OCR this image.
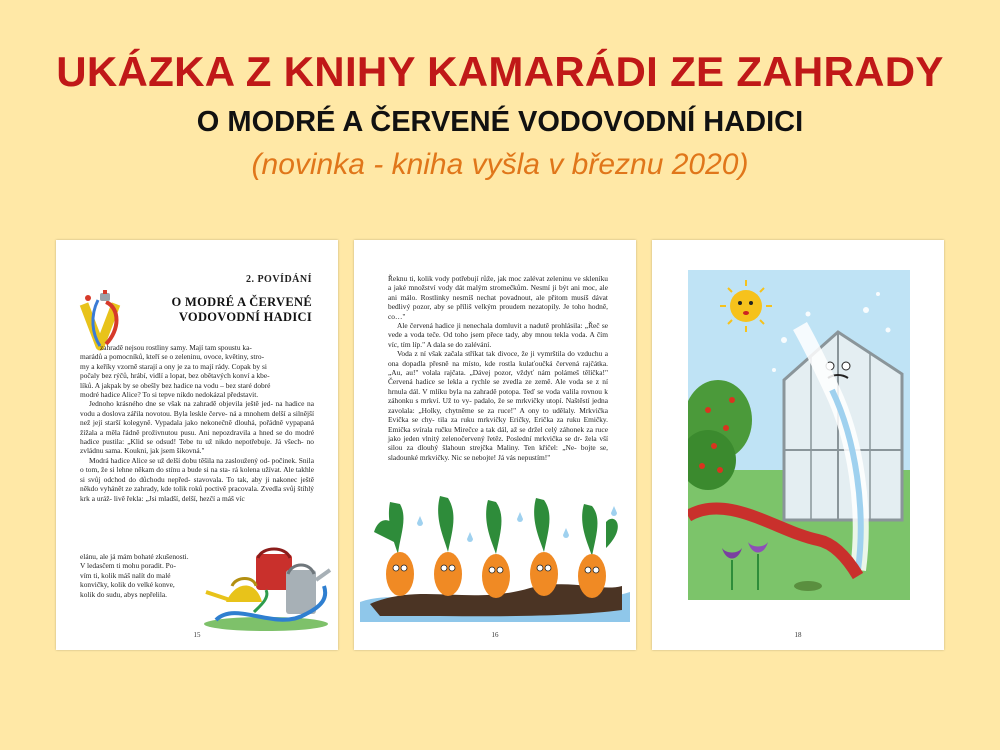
UKÁZKA Z KNIHY KAMARÁDI ZE ZAHRADY
O MODRÉ A ČERVENÉ VODOVODNÍ HADICI
(novinka - kniha vyšla v březnu 2020)
2. POVÍDÁNÍ
O MODRÉ A ČERVENÉ VODOVODNÍ HADICI

zahradě nejsou rostliny samy. Mají tam spoustu ka-

marádů a pomocníků, kteří se o zeleninu, ovoce, květiny, stro-

my a keříky vzorně starají a ony je za to mají rády. Copak by si

počaly bez rýčů, hrábí, vidlí a lopat, bez obětavých konví a kbe-

líků. A jakpak by se obešly bez hadice na vodu – bez staré dobré

modré hadice Alice? To si tepve nikdo nedokázal představit.

Jednoho krásného dne se však na zahradě objevila ještě jed- na hadice na vodu a doslova zářila novotou. Byla leskle červe- ná a mnohem delší a silnější než její starší kolegyně. Vypadala jako nekonečně dlouhá, pořádně vypapaná žížala a měla řádně proživnutou pusu. Ani nepozdravila a hned se do modré hadice pustila: „Klid se odsud! Tebe tu už nikdo nepotřebuje. Já všech- no zvládnu sama. Koukni, jak jsem šikovná."

Modrá hadice Alice se už delší dobu těšila na zasloužený od- počinek. Snila o tom, že si lehne někam do stínu a bude si na sta- rá kolena užívat. Ale takhle si svůj odchod do důchodu nepřed- stavovala. To tak, aby ji nakonec ještě někdo vyhánět ze zahrady, kde tolik roků poctivě pracovala. Zvedla svůj štíhlý krk a uráž- livě řekla: „Jsi mladší, delší, hezčí a máš víc

elánu, ale já mám bohaté zkušenosti.

V ledasčem ti mohu poradit. Po-

vím ti, kolik máš nalít do malé

konvičky, kolik do velké konve,

kolik do sudu, abys nepřelila.

15

Řeknu ti, kolik vody potřebují růže, jak moc zalévat zeleninu ve skleníku a jaké množství vody dát malým stromečkům. Nesmí ji být ani moc, ale ani málo. Rostlinky nesmíš nechat povadnout, ale přitom musíš dávat bedlivý pozor, aby se příliš velkým proudem nezatopily. Je toho hodně, co…"

Ale červená hadice ji nenechala domluvit a nadutě prohlásila: „Řeč se vede a voda teče. Od toho jsem přece tady, aby mnou tekla voda. A čím víc, tím líp." A dala se do zalévání.

Voda z ní však začala stříkat tak divoce, že ji vymrštila do vzduchu a ona dopadla přesně na místo, kde rostla kulaťoučká červená rajčátka. „Au, au!" volala rajčata. „Dávej pozor, vždyť nám polámeš tělíčka!" Červená hadice se lekla a rychle se zvedla ze země. Ale voda se z ní hrnula dál. V mlíku byla na zahradě potopa. Teď se voda valila rovnou k záhonku s mrkví. Už to vy- padalo, že se mrkvičky utopí. Naštěstí jedna zavolala: „Holky, chytněme se za ruce!" A ony to udělaly. Mrkvička Evička se chy- tila za ruku mrkvičky Eričky, Erička za ruku Emičky. Emička svírala ručku Mirečce a tak dál, až se držel celý záhonek za ruce jako jeden vlnitý zelenočervený řetěz. Poslední mrkvička se dr- žela vší silou za dlouhý šlahoun strejčka Maliny. Ten křičel: „Ne- bojte se, sladounké mrkvičky. Nic se nebojte! Já vás nepustím!"

16	18
